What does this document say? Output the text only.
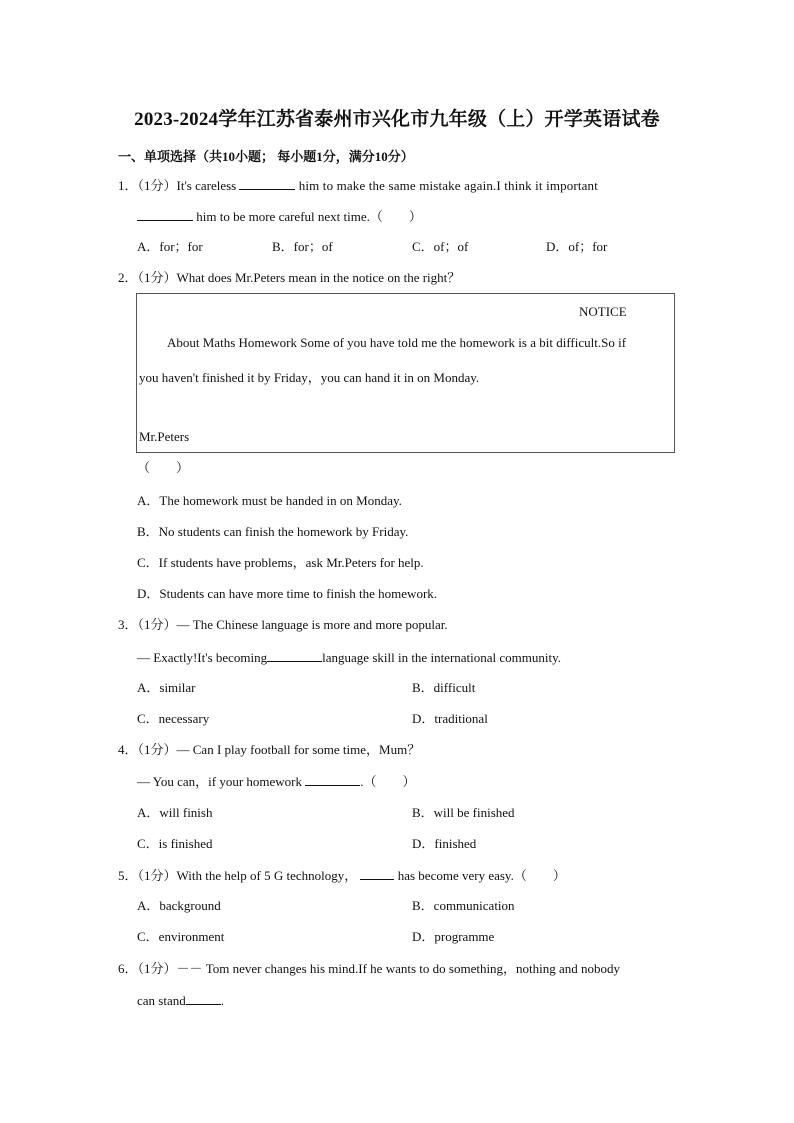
2023-2024学年江苏省泰州市兴化市九年级（上）开学英语试卷
一、单项选择（共10小题； 每小题1分，满分10分）
1．（1分）It's careless	him to make the same mistake again.I think it important
him to be more careful next time.（　　）
A．for；for	B．for；of	C．of；of	D．of；for
2．（1分）What does Mr.Peters mean in the notice on the right？
NOTICE
About Maths Homework Some of you have told me the homework is a bit difficult.So if
you haven't finished it by Friday，you can hand it in on Monday.
Mr.Peters
（　　）
A．The homework must be handed in on Monday.
B．No students can finish the homework by Friday.
C．If students have problems，ask Mr.Peters for help.
D．Students can have more time to finish the homework.
3．（1分）— The Chinese language is more and more popular.
— Exactly!It's becoming	language skill in the international community.
A．similar	B．difficult
C．necessary	D．traditional
4．（1分）— Can I play football for some time，Mum？
— You can，if your homework	.（　　）
A．will finish	B．will be finished
C．is finished	D．finished
5．（1分）With the help of 5 G technology，	has become very easy.（　　）
A．background	B．communication
C．environment	D．programme
6．（1分）－－ Tom never changes his mind.If he wants to do something，nothing and nobody
can stand	.
